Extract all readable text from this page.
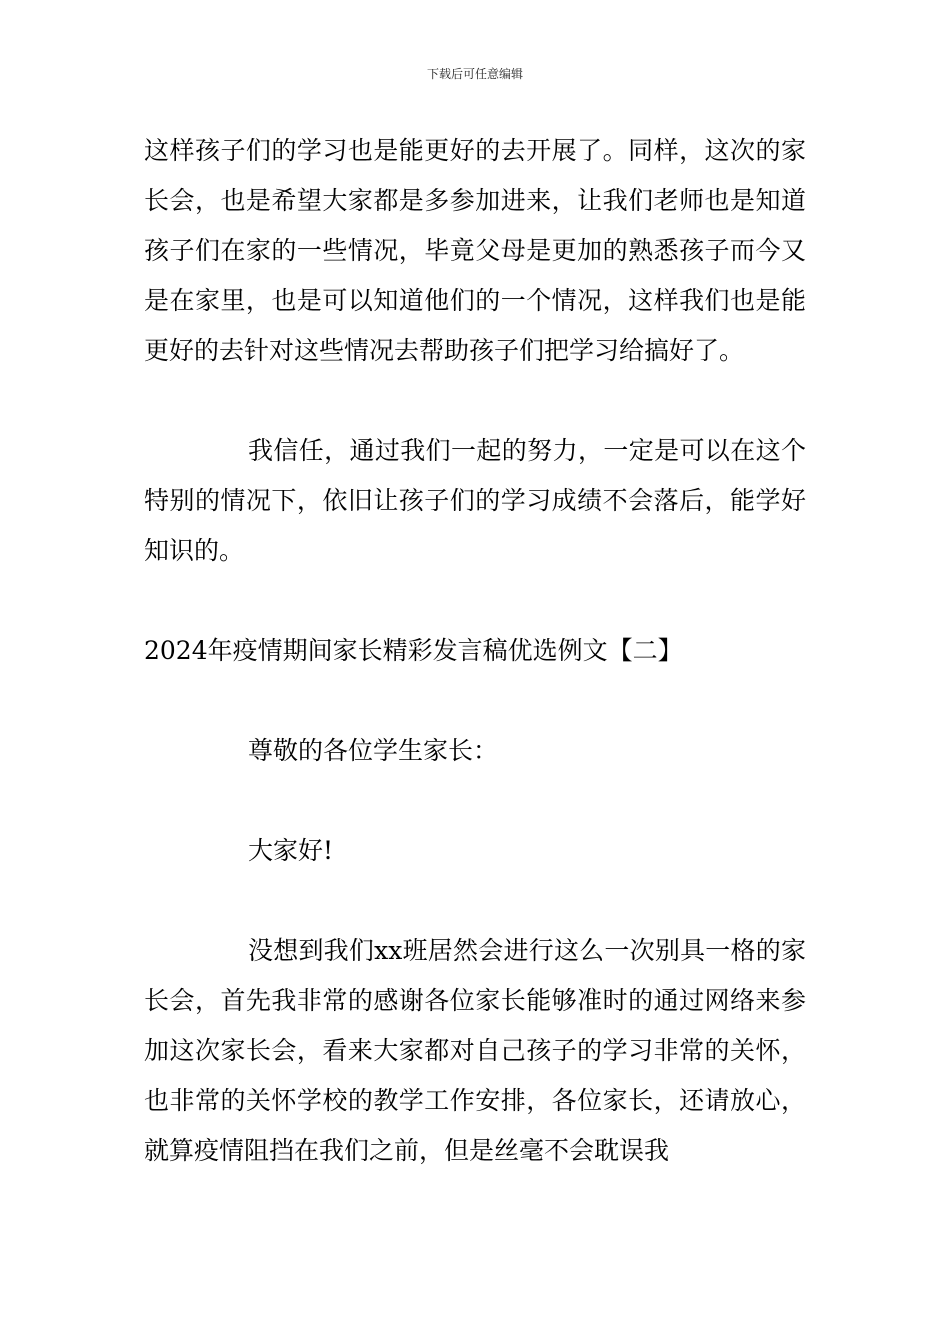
下载后可任意编辑

这样孩子们的学习也是能更好的去开展了。同样，这次的家长会，也是希望大家都是多参加进来，让我们老师也是知道孩子们在家的一些情况，毕竟父母是更加的熟悉孩子而今又是在家里，也是可以知道他们的一个情况，这样我们也是能更好的去针对这些情况去帮助孩子们把学习给搞好了。

我信任，通过我们一起的努力，一定是可以在这个特别的情况下，依旧让孩子们的学习成绩不会落后，能学好知识的。

2024年疫情期间家长精彩发言稿优选例文【二】

尊敬的各位学生家长：

大家好!

没想到我们xx班居然会进行这么一次别具一格的家长会，首先我非常的感谢各位家长能够准时的通过网络来参加这次家长会，看来大家都对自己孩子的学习非常的关怀，也非常的关怀学校的教学工作安排，各位家长，还请放心，就算疫情阻挡在我们之前，但是丝毫不会耽误我
